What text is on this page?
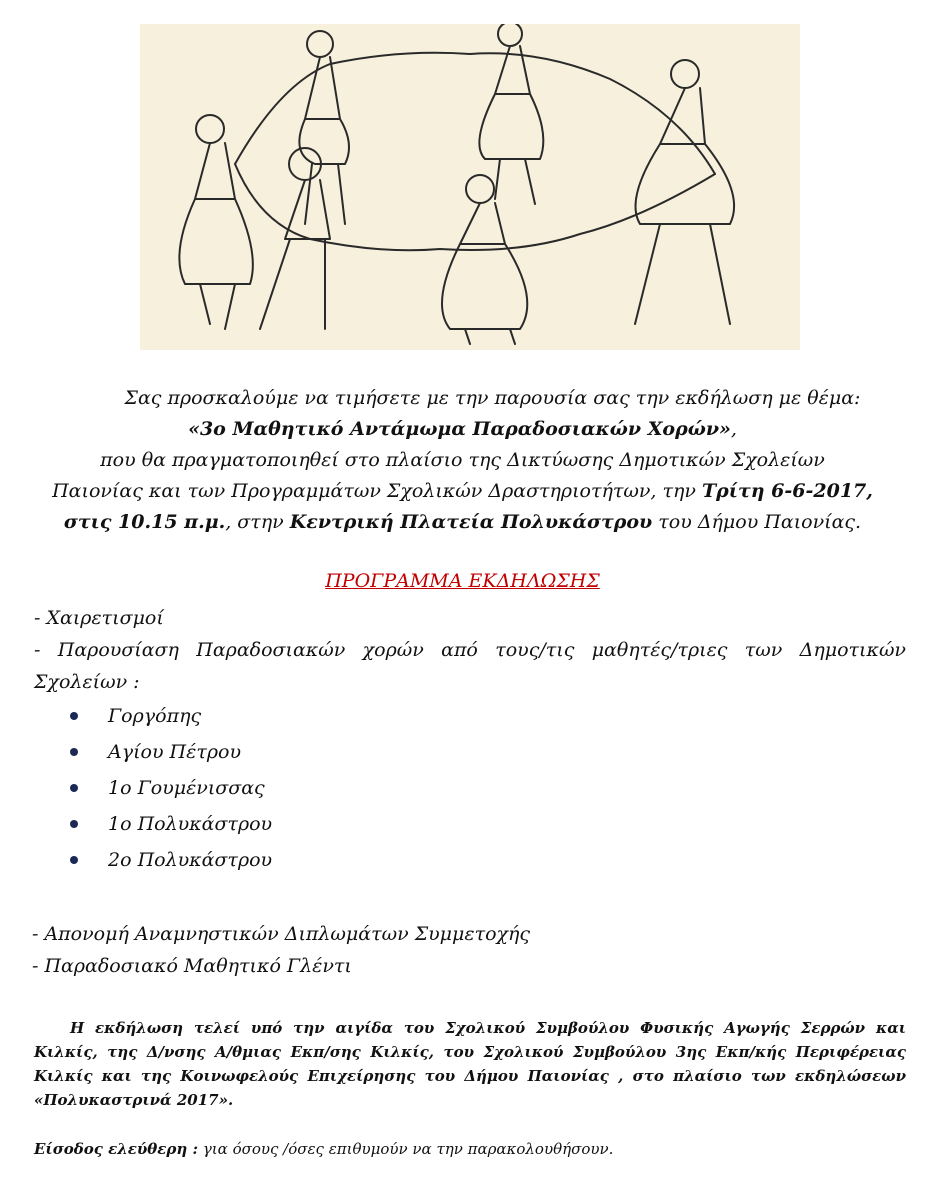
Σας προσκαλούμε να τιμήσετε με την παρουσία σας την εκδήλωση με θέμα:

«3ο Μαθητικό Αντάμωμα Παραδοσιακών Χορών»,

που θα πραγματοποιηθεί στο πλαίσιο της Δικτύωσης Δημοτικών Σχολείων

Παιονίας και των Προγραμμάτων Σχολικών Δραστηριοτήτων, την Τρίτη 6-6-2017,

στις 10.15 π.μ., στην Κεντρική Πλατεία Πολυκάστρου του Δήμου Παιονίας.

ΠΡΟΓΡΑΜΜΑ ΕΚΔΗΛΩΣΗΣ

- Χαιρετισμοί

- Παρουσίαση Παραδοσιακών χορών από τους/τις μαθητές/τριες των Δημοτικών Σχολείων :

Γοργόπης
Αγίου Πέτρου
1ο Γουμένισσας
1ο Πολυκάστρου
2ο Πολυκάστρου

- Απονομή Αναμνηστικών Διπλωμάτων Συμμετοχής

- Παραδοσιακό Μαθητικό Γλέντι

Η εκδήλωση τελεί υπό την αιγίδα του Σχολικού Συμβούλου Φυσικής Αγωγής Σερρών και Κιλκίς, της Δ/νσης Α/θμιας Εκπ/σης Κιλκίς, του Σχολικού Συμβούλου 3ης Εκπ/κής Περιφέρειας Κιλκίς και της Κοινωφελούς Επιχείρησης του Δήμου Παιονίας , στο πλαίσιο των εκδηλώσεων «Πολυκαστρινά 2017».

Είσοδος ελεύθερη : για όσους /όσες επιθυμούν να την παρακολουθήσουν.
